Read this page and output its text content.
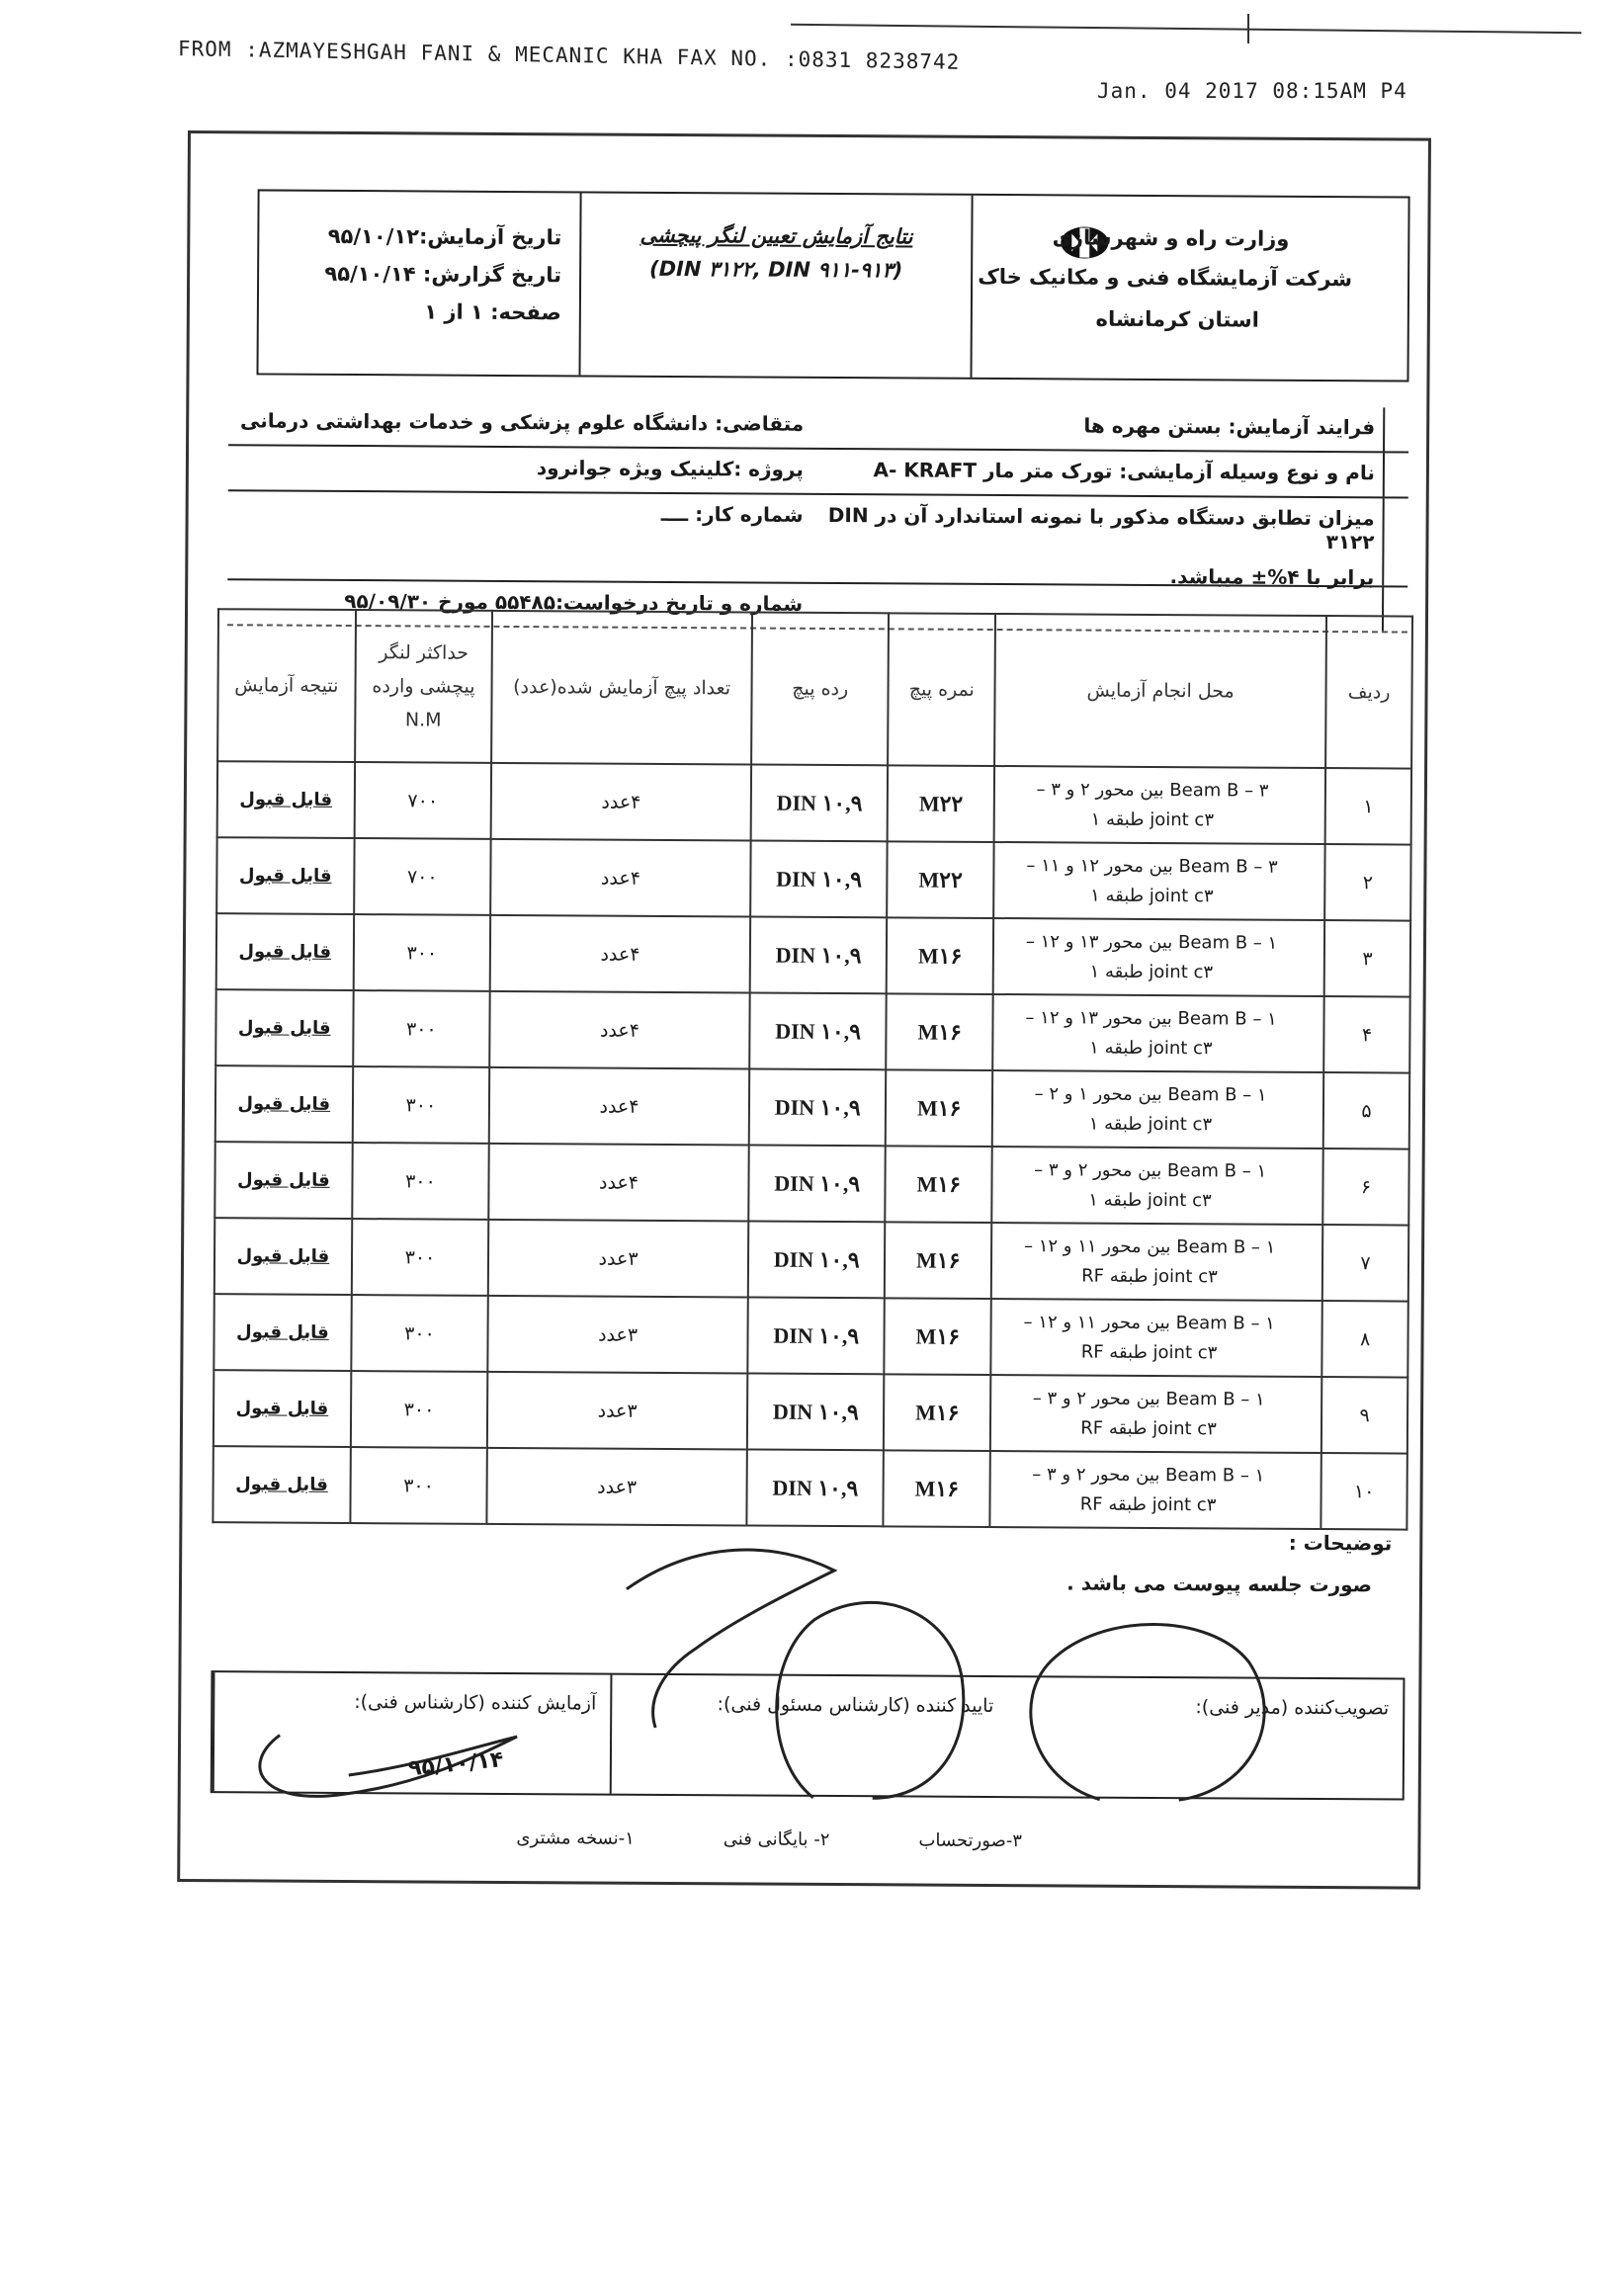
FROM :AZMAYESHGAH FANI & MECANIC KHA FAX NO. :0831 8238742
Jan. 04 2017 08:15AM P4
وزارت راه و شهرسازی
شرکت آزمایشگاه فنی و مکانیک خاک
استان کرمانشاه
نتایج آزمایش تعیین لنگر پیچشی
(DIN ۳۱۲۲, DIN ۹۱۱-۹۱۳)
تاریخ آزمایش:۹۵/۱۰/۱۲
تاریخ گزارش: ۹۵/۱۰/۱۴
صفحه: ۱ از ۱
متقاضی: دانشگاه علوم پزشکی و خدمات بهداشتی درمانی	فرایند آزمایش: بستن مهره ها
پروژه :کلینیک ویژه جوانرود	نام و نوع وسیله آزمایشی: تورک متر مار A- KRAFT
شماره کار: ــــ	میزان تطابق دستگاه مذکور با نمونه استاندارد آن در DIN ۳۱۲۲
برابر با ۴%± میباشد.
شماره و تاریخ درخواست:۵۵۴۸۵ مورخ ۹۵/۰۹/۳۰
ردیف	محل انجام آزمایش	نمره پیچ	رده پیچ	تعداد پیچ آزمایش شده(عدد)	حداکثر لنگر پیچشی وارده N.M	نتیجه آزمایش
۱	۳ – Beam B بین محور ۲ و ۳ –
joint c۳ طبقه ۱	M۲۲	DIN ۱۰,۹	۴عدد	۷۰۰	قابل قبول
۲	۳ – Beam B بین محور ۱۲ و ۱۱ –
joint c۳ طبقه ۱	M۲۲	DIN ۱۰,۹	۴عدد	۷۰۰	قابل قبول
۳	۱ – Beam B بین محور ۱۳ و ۱۲ –
joint c۳ طبقه ۱	M۱۶	DIN ۱۰,۹	۴عدد	۳۰۰	قابل قبول
۴	۱ – Beam B بین محور ۱۳ و ۱۲ –
joint c۳ طبقه ۱	M۱۶	DIN ۱۰,۹	۴عدد	۳۰۰	قابل قبول
۵	۱ – Beam B بین محور ۱ و ۲ –
joint c۳ طبقه ۱	M۱۶	DIN ۱۰,۹	۴عدد	۳۰۰	قابل قبول
۶	۱ – Beam B بین محور ۲ و ۳ –
joint c۳ طبقه ۱	M۱۶	DIN ۱۰,۹	۴عدد	۳۰۰	قابل قبول
۷	۱ – Beam B بین محور ۱۱ و ۱۲ –
joint c۳ طبقه RF	M۱۶	DIN ۱۰,۹	۳عدد	۳۰۰	قابل قبول
۸	۱ – Beam B بین محور ۱۱ و ۱۲ –
joint c۳ طبقه RF	M۱۶	DIN ۱۰,۹	۳عدد	۳۰۰	قابل قبول
۹	۱ – Beam B بین محور ۲ و ۳ –
joint c۳ طبقه RF	M۱۶	DIN ۱۰,۹	۳عدد	۳۰۰	قابل قبول
۱۰	۱ – Beam B بین محور ۲ و ۳ –
joint c۳ طبقه RF	M۱۶	DIN ۱۰,۹	۳عدد	۳۰۰	قابل قبول
توضیحات :
صورت جلسه پیوست می باشد .
آزمایش کننده (کارشناس فنی):	تایید کننده (کارشناس مسئول فنی):	تصویب‌کننده (مدیر فنی):
۱-نسخه مشتری	۲- بایگانی فنی	۳-صورتحساب
۹۵/۱۰/۱۴
